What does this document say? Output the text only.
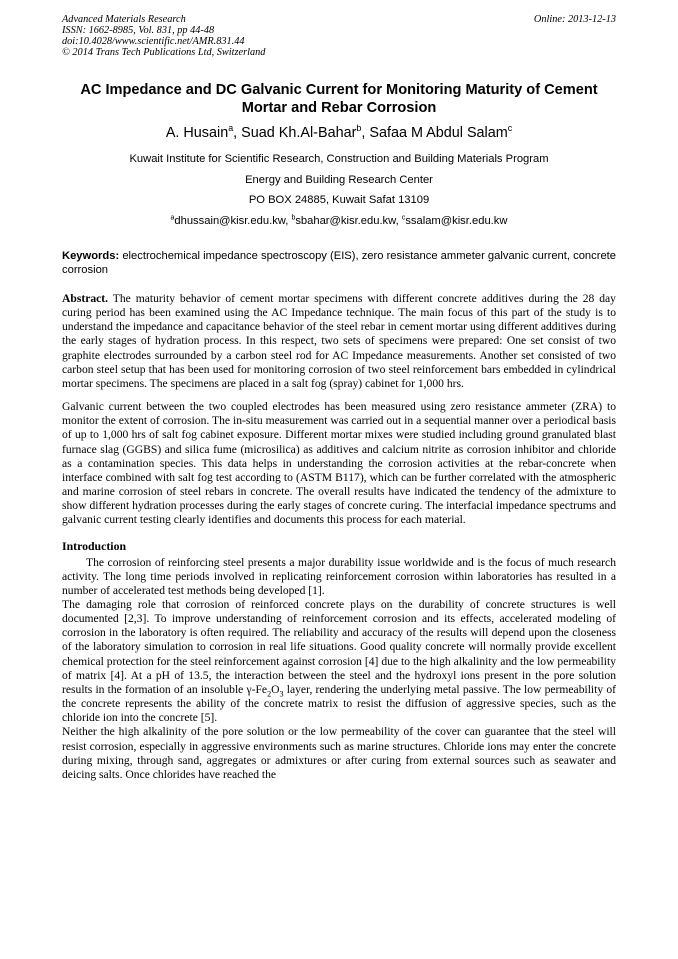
Advanced Materials Research
ISSN: 1662-8985, Vol. 831, pp 44-48
doi:10.4028/www.scientific.net/AMR.831.44
© 2014 Trans Tech Publications Ltd, Switzerland
Online: 2013-12-13
AC Impedance and DC Galvanic Current for Monitoring Maturity of Cement Mortar and Rebar Corrosion
A. Husain$^a$, Suad Kh.Al-Bahar$^b$, Safaa M Abdul Salam$^c$
Kuwait Institute for Scientific Research, Construction and Building Materials Program
Energy and Building Research Center
PO BOX 24885, Kuwait Safat 13109
$^a$dhussain@kisr.edu.kw, $^b$sbahar@kisr.edu.kw, $^c$ssalam@kisr.edu.kw
Keywords: electrochemical impedance spectroscopy (EIS), zero resistance ammeter galvanic current, concrete corrosion

Abstract. The maturity behavior of cement mortar specimens with different concrete additives during the 28 day curing period has been examined using the AC Impedance technique. The main focus of this part of the study is to understand the impedance and capacitance behavior of the steel rebar in cement mortar using different additives during the early stages of hydration process. In this respect, two sets of specimens were prepared: One set consist of two graphite electrodes surrounded by a carbon steel rod for AC Impedance measurements. Another set consisted of two carbon steel setup that has been used for monitoring corrosion of two steel reinforcement bars embedded in cylindrical mortar specimens. The specimens are placed in a salt fog (spray) cabinet for 1,000 hrs.

Galvanic current between the two coupled electrodes has been measured using zero resistance ammeter (ZRA) to monitor the extent of corrosion. The in-situ measurement was carried out in a sequential manner over a periodical basis of up to 1,000 hrs of salt fog cabinet exposure. Different mortar mixes were studied including ground granulated blast furnace slag (GGBS) and silica fume (microsilica) as additives and calcium nitrite as corrosion inhibitor and chloride as a contamination species. This data helps in understanding the corrosion activities at the rebar-concrete when interface combined with salt fog test according to (ASTM B117), which can be further correlated with the atmospheric and marine corrosion of steel rebars in concrete. The overall results have indicated the tendency of the admixture to show different hydration processes during the early stages of concrete curing. The interfacial impedance spectrums and galvanic current testing clearly identifies and documents this process for each material.

Introduction

The corrosion of reinforcing steel presents a major durability issue worldwide and is the focus of much research activity. The long time periods involved in replicating reinforcement corrosion within laboratories has resulted in a number of accelerated test methods being developed [1].

The damaging role that corrosion of reinforced concrete plays on the durability of concrete structures is well documented [2,3]. To improve understanding of reinforcement corrosion and its effects, accelerated modeling of corrosion in the laboratory is often required. The reliability and accuracy of the results will depend upon the closeness of the laboratory simulation to corrosion in real life situations. Good quality concrete will normally provide excellent chemical protection for the steel reinforcement against corrosion [4] due to the high alkalinity and the low permeability of matrix [4]. At a pH of 13.5, the interaction between the steel and the hydroxyl ions present in the pore solution results in the formation of an insoluble $\gamma-Fe_2O_3$ layer, rendering the underlying metal passive. The low permeability of the concrete represents the ability of the concrete matrix to resist the diffusion of aggressive species, such as the chloride ion into the concrete [5].

Neither the high alkalinity of the pore solution or the low permeability of the cover can guarantee that the steel will resist corrosion, especially in aggressive environments such as marine structures. Chloride ions may enter the concrete during mixing, through sand, aggregates or admixtures or after curing from external sources such as seawater and deicing salts. Once chlorides have reached the
